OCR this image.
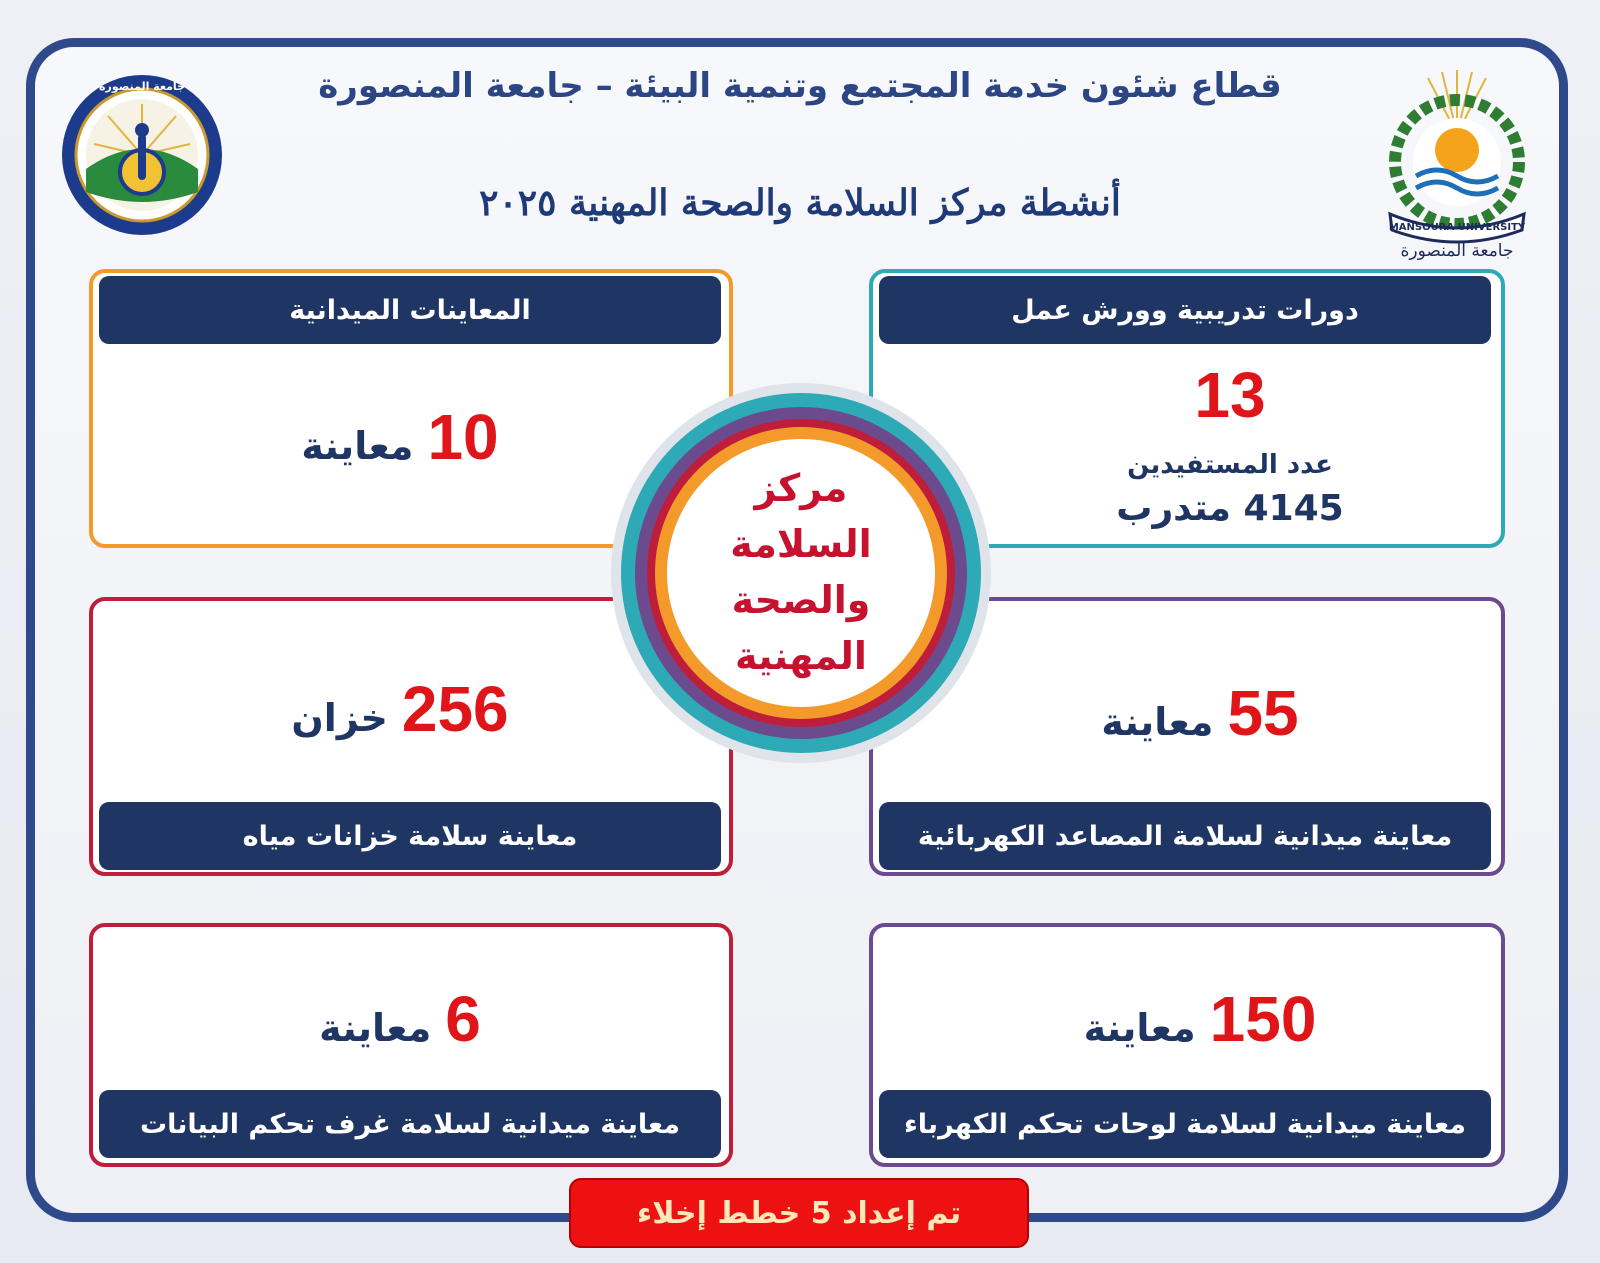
جامعة المنصورة
MANSOURA UNIVERSITY
جامعة المنصورة
قطاع شئون خدمة المجتمع وتنمية البيئة – جامعة المنصورة
أنشطة مركز السلامة والصحة المهنية ٢٠٢٥
دورات تدريبية وورش عمل
13
عدد المستفيدين
4145 متدرب
المعاينات الميدانية
10
معاينة
55
معاينة
معاينة ميدانية لسلامة المصاعد الكهربائية
256
خزان
معاينة سلامة خزانات مياه
150
معاينة
معاينة ميدانية لسلامة لوحات تحكم الكهرباء
6
معاينة
معاينة ميدانية لسلامة غرف تحكم البيانات
مركز
السلامة
والصحة
المهنية
تم إعداد 5 خطط إخلاء
